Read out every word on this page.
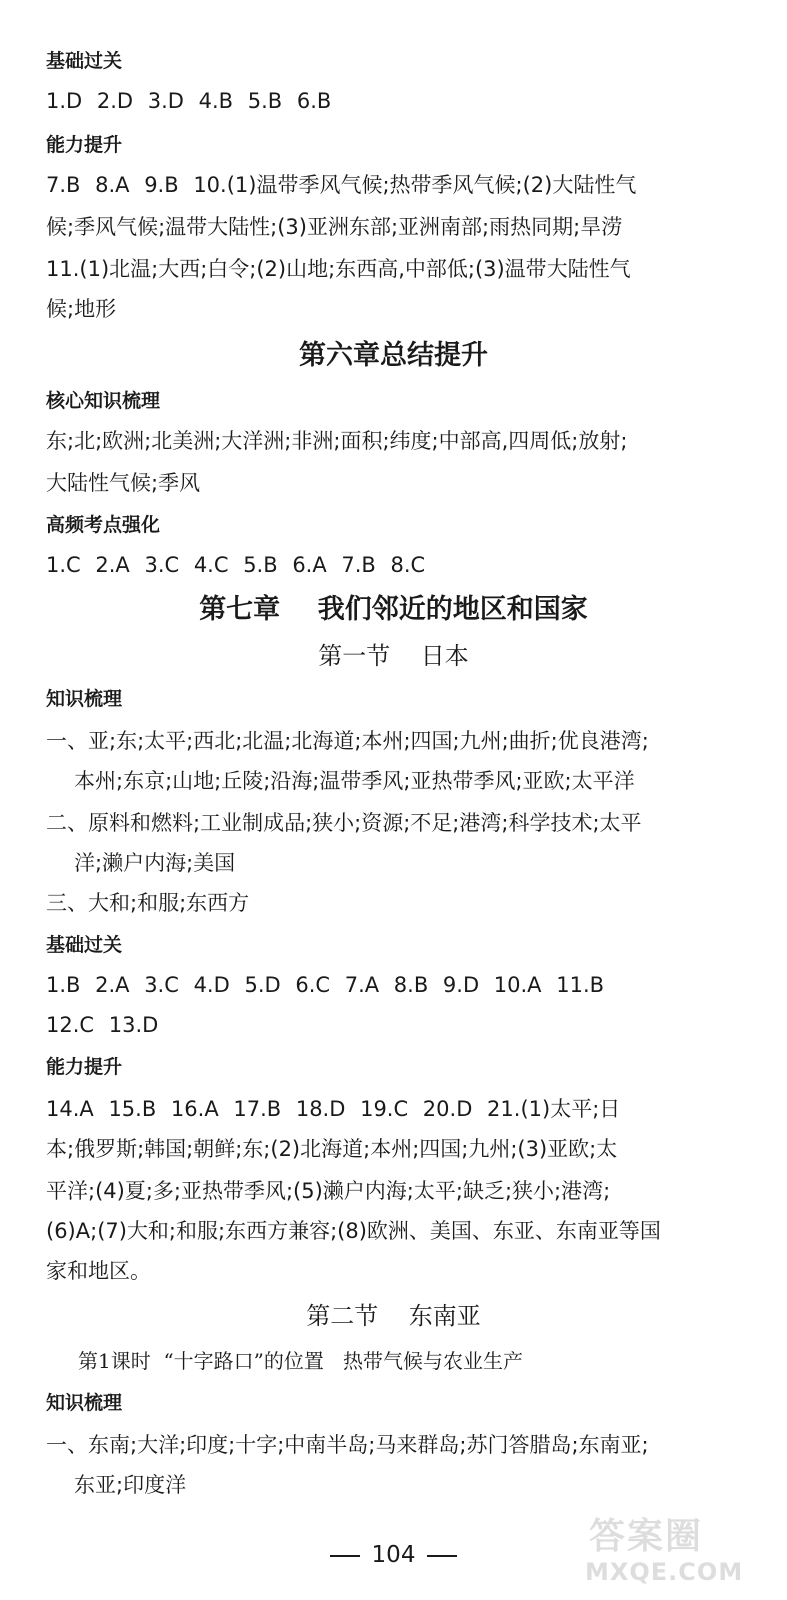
基础过关
1.D 2.D 3.D 4.B 5.B 6.B
能力提升
7.B 8.A 9.B 10.(1)温带季风气候;热带季风气候;(2)大陆性气
候;季风气候;温带大陆性;(3)亚洲东部;亚洲南部;雨热同期;旱涝
11.(1)北温;大西;白令;(2)山地;东西高,中部低;(3)温带大陆性气
候;地形
第六章总结提升
核心知识梳理
东;北;欧洲;北美洲;大洋洲;非洲;面积;纬度;中部高,四周低;放射;
大陆性气候;季风
高频考点强化
1.C 2.A 3.C 4.C 5.B 6.A 7.B 8.C
第七章    我们邻近的地区和国家
第一节    日本
知识梳理
一、亚;东;太平;西北;北温;北海道;本州;四国;九州;曲折;优良港湾;
本州;东京;山地;丘陵;沿海;温带季风;亚热带季风;亚欧;太平洋
二、原料和燃料;工业制成品;狭小;资源;不足;港湾;科学技术;太平
洋;濑户内海;美国
三、大和;和服;东西方
基础过关
1.B 2.A 3.C 4.D 5.D 6.C 7.A 8.B 9.D 10.A 11.B
12.C 13.D
能力提升
14.A 15.B 16.A 17.B 18.D 19.C 20.D 21.(1)太平;日
本;俄罗斯;韩国;朝鲜;东;(2)北海道;本州;四国;九州;(3)亚欧;太
平洋;(4)夏;多;亚热带季风;(5)濑户内海;太平;缺乏;狭小;港湾;
(6)A;(7)大和;和服;东西方兼容;(8)欧洲、美国、东亚、东南亚等国
家和地区。
第二节    东南亚
第1课时  “十字路口”的位置   热带气候与农业生产
知识梳理
一、东南;大洋;印度;十字;中南半岛;马来群岛;苏门答腊岛;东南亚;
东亚;印度洋
104	答案圈
MXQE.COM
